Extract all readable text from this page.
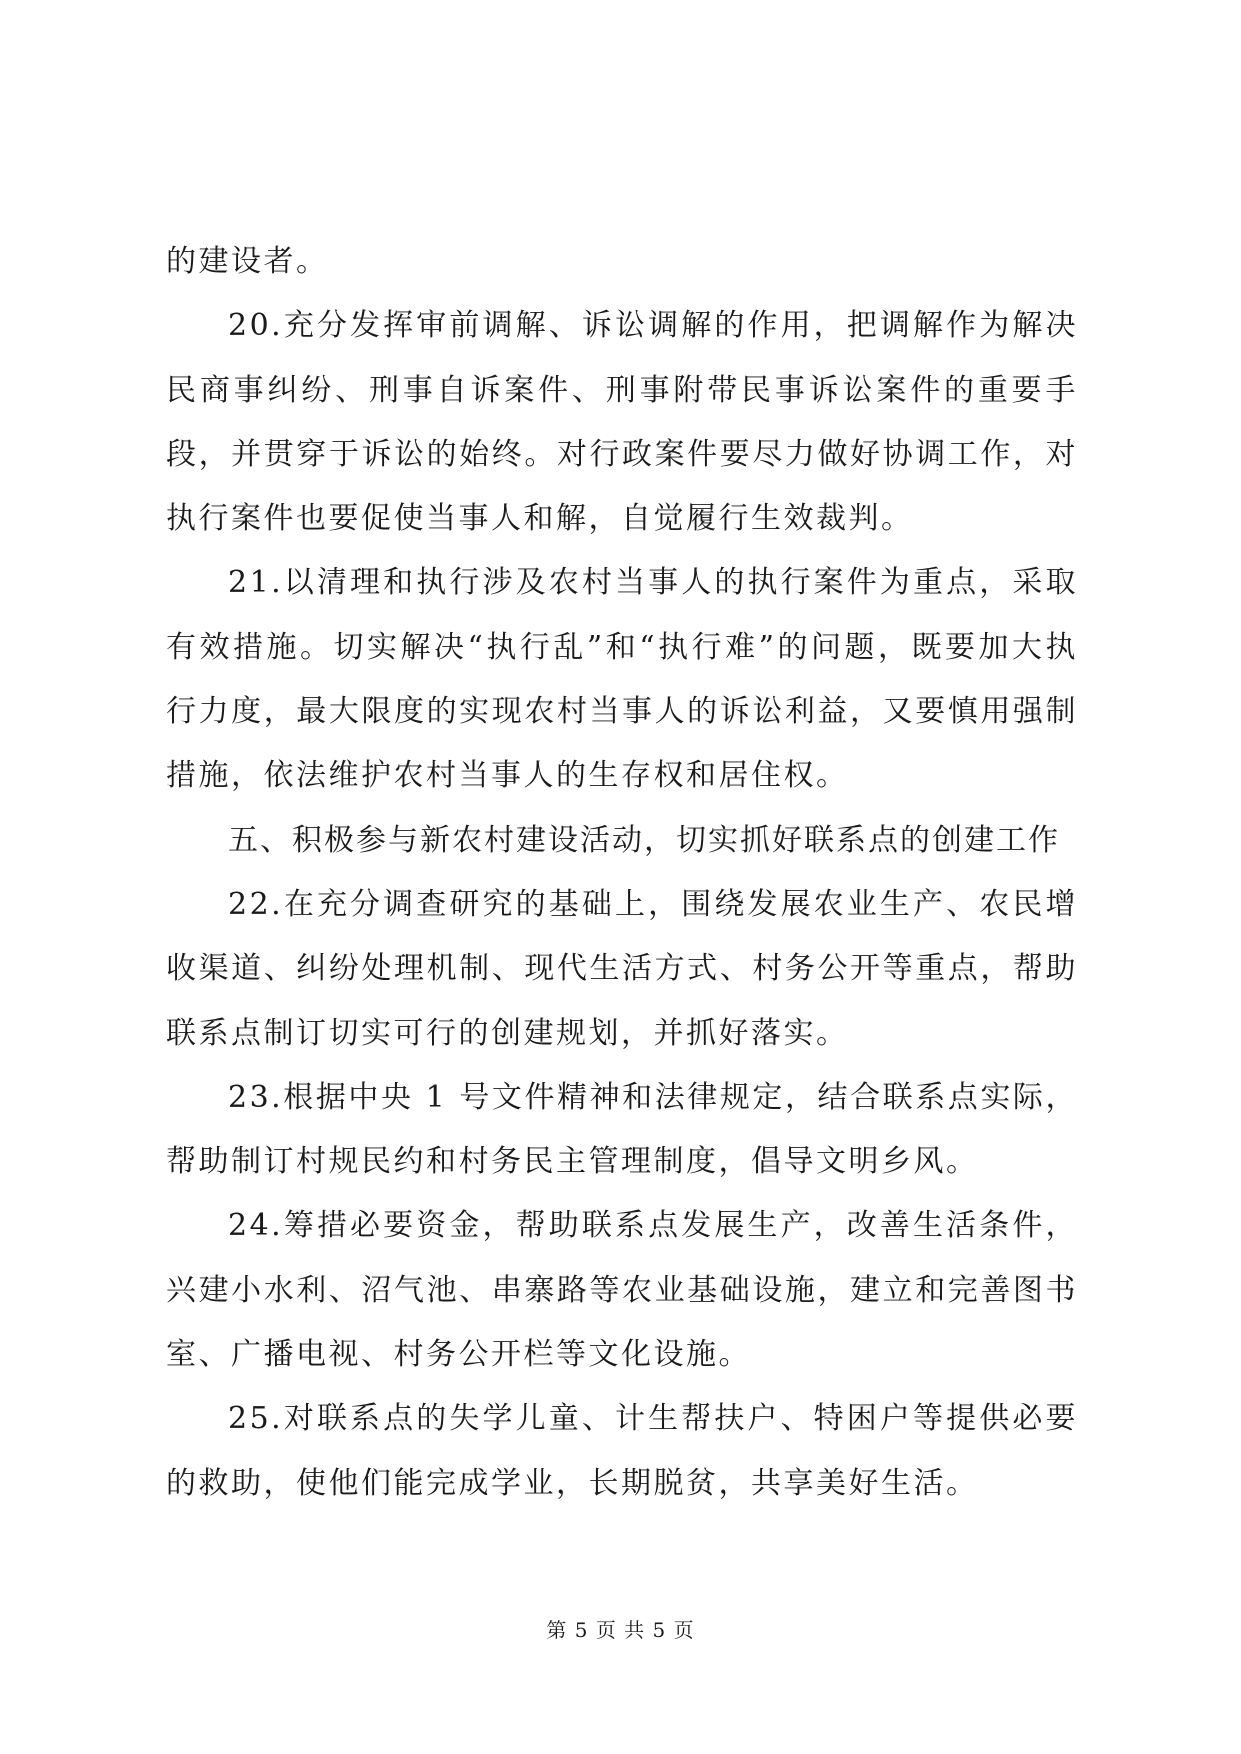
的建设者。

20.充分发挥审前调解、诉讼调解的作用，把调解作为解决民商事纠纷、刑事自诉案件、刑事附带民事诉讼案件的重要手段，并贯穿于诉讼的始终。对行政案件要尽力做好协调工作，对执行案件也要促使当事人和解，自觉履行生效裁判。

21.以清理和执行涉及农村当事人的执行案件为重点，采取有效措施。切实解决“执行乱”和“执行难”的问题，既要加大执行力度，最大限度的实现农村当事人的诉讼利益，又要慎用强制措施，依法维护农村当事人的生存权和居住权。

五、积极参与新农村建设活动，切实抓好联系点的创建工作

22.在充分调查研究的基础上，围绕发展农业生产、农民增收渠道、纠纷处理机制、现代生活方式、村务公开等重点，帮助联系点制订切实可行的创建规划，并抓好落实。

23.根据中央 1 号文件精神和法律规定，结合联系点实际，帮助制订村规民约和村务民主管理制度，倡导文明乡风。

24.筹措必要资金，帮助联系点发展生产，改善生活条件，兴建小水利、沼气池、串寨路等农业基础设施，建立和完善图书室、广播电视、村务公开栏等文化设施。

25.对联系点的失学儿童、计生帮扶户、特困户等提供必要的救助，使他们能完成学业，长期脱贫，共享美好生活。

第 5 页 共 5 页
